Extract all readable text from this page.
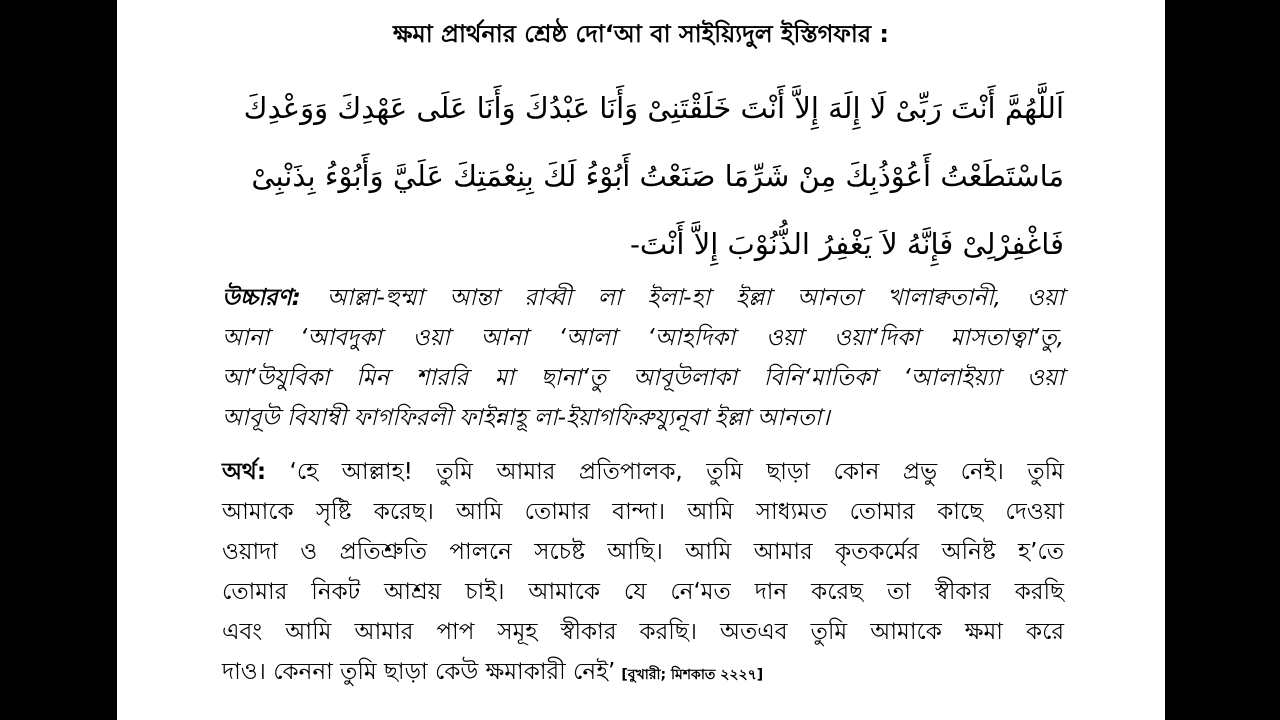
ক্ষমা প্রার্থনার শ্রেষ্ঠ দো‘আ বা সাইয়্যিদুল ইস্তিগফার :
اَللَّهُمَّ أَنْتَ رَبِّىْ لَا إِلَهَ إِلاَّ أَنْتَ خَلَقْتَنِىْ وَأَنَا عَبْدُكَ وَأَنَا عَلَى عَهْدِكَ وَوَعْدِكَ
مَاسْتَطَعْتُ أَعُوْذُبِكَ مِنْ شَرِّمَا صَنَعْتُ أَبُوْءُ لَكَ بِنِعْمَتِكَ عَلَيَّ وَأَبُوْءُ بِذَنْبِىْ
فَاغْفِرْلِىْ فَإِنَّهُ لاَ يَغْفِرُ الذُّنُوْبَ إِلاَّ أَنْتَ-
উচ্চারণ: আল্লা-হুম্মা আন্তা রাব্বী লা ইলা-হা ইল্লা আনতা খালাক্বতানী, ওয়া
আনা ‘আবদুকা ওয়া আনা ‘আলা ‘আহদিকা ওয়া ওয়া‘দিকা মাসতাত্বা‘তু,
আ‘উযুবিকা মিন শাররি মা ছানা‘তু আবূউলাকা বিনি‘মাতিকা ‘আলাইয়্যা ওয়া
আবূউ বিযাম্বী ফাগফিরলী ফাইন্নাহূ লা-ইয়াগফিরুয্যুনূবা ইল্লা আনতা।
অর্থ: ‘হে আল্লাহ! তুমি আমার প্রতিপালক, তুমি ছাড়া কোন প্রভু নেই। তুমি
আমাকে সৃষ্টি করেছ। আমি তোমার বান্দা। আমি সাধ্যমত তোমার কাছে দেওয়া
ওয়াদা ও প্রতিশ্রুতি পালনে সচেষ্ট আছি। আমি আমার কৃতকর্মের অনিষ্ট হ’তে
তোমার নিকট আশ্রয় চাই। আমাকে যে নে‘মত দান করেছ তা স্বীকার করছি
এবং আমি আমার পাপ সমূহ স্বীকার করছি। অতএব তুমি আমাকে ক্ষমা করে
দাও। কেননা তুমি ছাড়া কেউ ক্ষমাকারী নেই’ [বুখারী; মিশকাত ২২২৭]
